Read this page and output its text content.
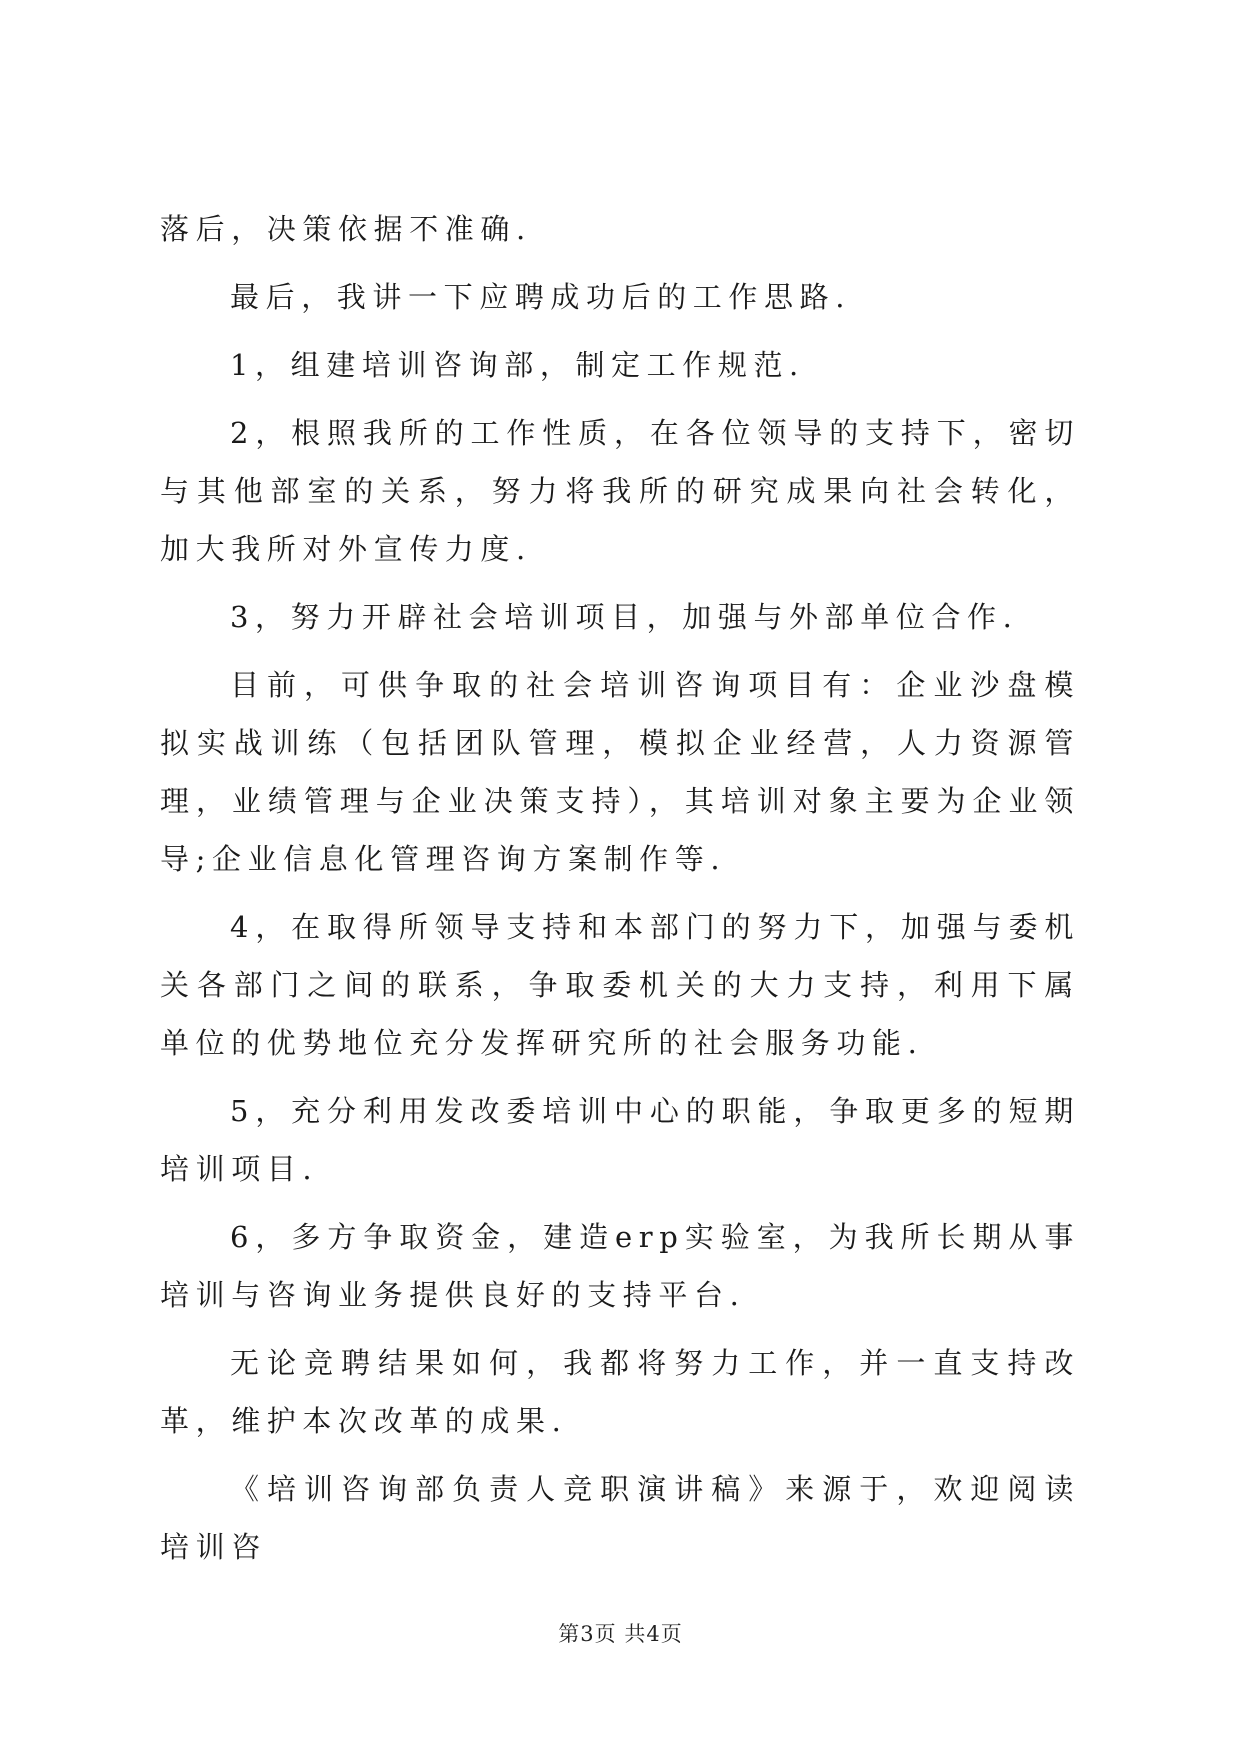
落后，决策依据不准确.

最后，我讲一下应聘成功后的工作思路.

1，组建培训咨询部，制定工作规范.

2，根照我所的工作性质，在各位领导的支持下，密切与其他部室的关系，努力将我所的研究成果向社会转化，加大我所对外宣传力度.

3，努力开辟社会培训项目，加强与外部单位合作.

目前，可供争取的社会培训咨询项目有：企业沙盘模拟实战训练（包括团队管理，模拟企业经营，人力资源管理，业绩管理与企业决策支持），其培训对象主要为企业领导;企业信息化管理咨询方案制作等.

4，在取得所领导支持和本部门的努力下，加强与委机关各部门之间的联系，争取委机关的大力支持，利用下属单位的优势地位充分发挥研究所的社会服务功能.

5，充分利用发改委培训中心的职能，争取更多的短期培训项目.

6，多方争取资金，建造erp实验室，为我所长期从事培训与咨询业务提供良好的支持平台.

无论竞聘结果如何，我都将努力工作，并一直支持改革，维护本次改革的成果.

《培训咨询部负责人竞职演讲稿》来源于，欢迎阅读培训咨

第3页 共4页
